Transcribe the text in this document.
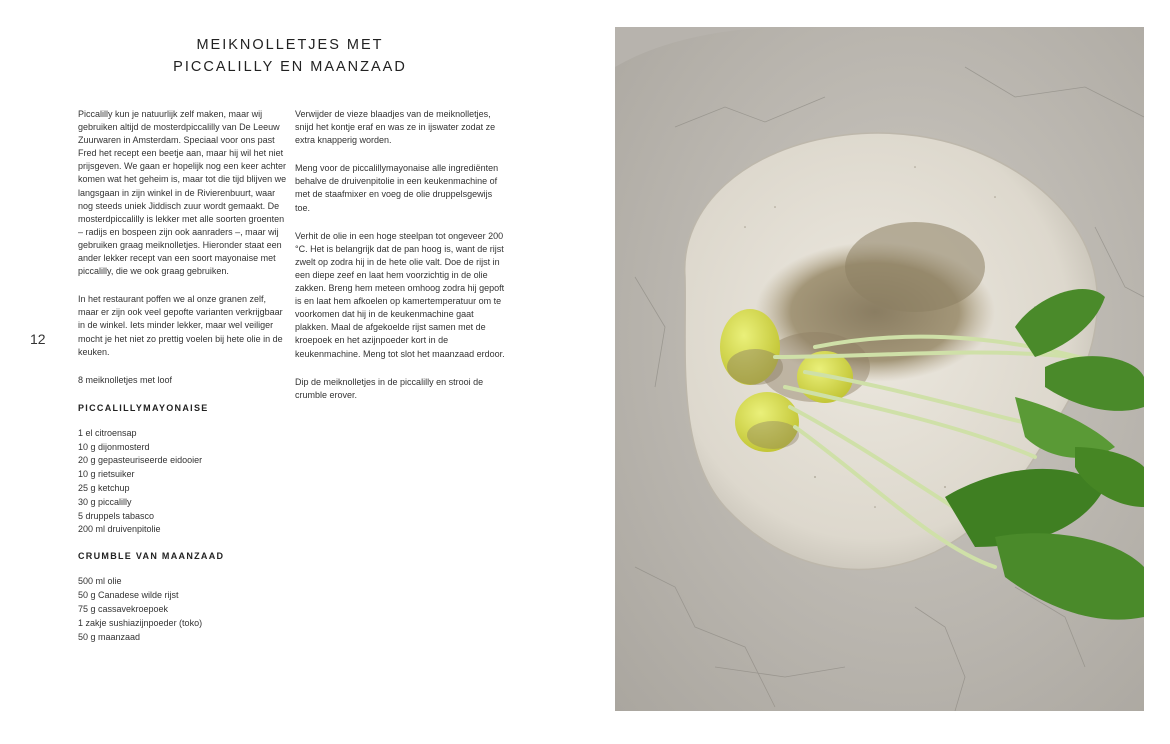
MEIKNOLLETJES MET
PICCALILLY EN MAANZAAD
12

Piccalilly kun je natuurlijk zelf maken, maar wij gebruiken altijd de mosterdpiccalilly van De Leeuw Zuurwaren in Amsterdam. Speciaal voor ons past Fred het recept een beetje aan, maar hij wil het niet prijsgeven. We gaan er hopelijk nog een keer achter komen wat het geheim is, maar tot die tijd blijven we langsgaan in zijn winkel in de Rivierenbuurt, waar nog steeds uniek Jiddisch zuur wordt gemaakt. De mosterdpiccalilly is lekker met alle soorten groenten – radijs en bospeen zijn ook aanraders –, maar wij gebruiken graag meiknolletjes. Hieronder staat een ander lekker recept van een soort mayonaise met piccalilly, die we ook graag gebruiken.

In het restaurant poffen we al onze granen zelf, maar er zijn ook veel gepofte varianten verkrijgbaar in de winkel. Iets minder lekker, maar wel veiliger mocht je het niet zo prettig voelen bij hete olie in de keuken.

8 meiknolletjes met loof

PICCALILLYMAYONAISE
1 el citroensap
10 g dijonmosterd
20 g gepasteuriseerde eidooier
10 g rietsuiker
25 g ketchup
30 g piccalilly
5 druppels tabasco
200 ml druivenpitolie
CRUMBLE VAN MAANZAAD
500 ml olie
50 g Canadese wilde rijst
75 g cassavekroepoek
1 zakje sushiazijnpoeder (toko)
50 g maanzaad

Verwijder de vieze blaadjes van de meiknolletjes, snijd het kontje eraf en was ze in ijswater zodat ze extra knapperig worden.

Meng voor de piccalillymayonaise alle ingrediënten behalve de druivenpitolie in een keukenmachine of met de staafmixer en voeg de olie druppelsgewijs toe.

Verhit de olie in een hoge steelpan tot ongeveer 200 °C. Het is belangrijk dat de pan hoog is, want de rijst zwelt op zodra hij in de hete olie valt. Doe de rijst in een diepe zeef en laat hem voorzichtig in de olie zakken. Breng hem meteen omhoog zodra hij gepoft is en laat hem afkoelen op kamertemperatuur om te voorkomen dat hij in de keukenmachine gaat plakken. Maal de afgekoelde rijst samen met de kroepoek en het azijnpoeder kort in de keukenmachine. Meng tot slot het maanzaad erdoor.

Dip de meiknolletjes in de piccalilly en strooi de crumble erover.
